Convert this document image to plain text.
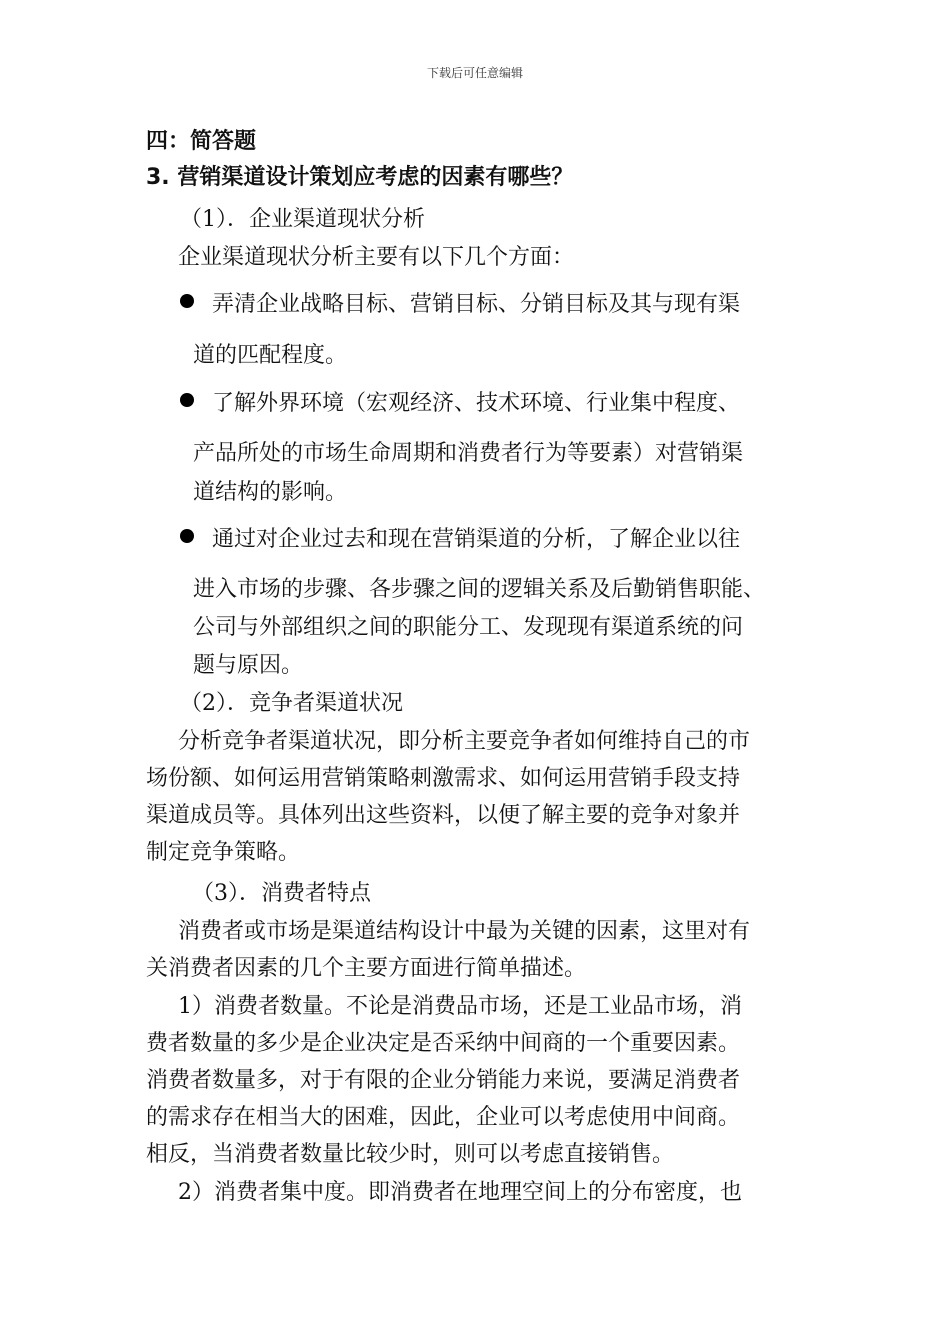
下载后可任意编辑
四：简答题
3. 营销渠道设计策划应考虑的因素有哪些？
（1）．企业渠道现状分析
企业渠道现状分析主要有以下几个方面：
弄清企业战略目标、营销目标、分销目标及其与现有渠
道的匹配程度。
了解外界环境（宏观经济、技术环境、行业集中程度、
产品所处的市场生命周期和消费者行为等要素）对营销渠
道结构的影响。
通过对企业过去和现在营销渠道的分析，了解企业以往
进入市场的步骤、各步骤之间的逻辑关系及后勤销售职能、
公司与外部组织之间的职能分工、发现现有渠道系统的问
题与原因。
（2）．竞争者渠道状况
分析竞争者渠道状况，即分析主要竞争者如何维持自己的市
场份额、如何运用营销策略刺激需求、如何运用营销手段支持
渠道成员等。具体列出这些资料，以便了解主要的竞争对象并
制定竞争策略。
（3）．消费者特点
消费者或市场是渠道结构设计中最为关键的因素，这里对有
关消费者因素的几个主要方面进行简单描述。
1）消费者数量。不论是消费品市场，还是工业品市场，消
费者数量的多少是企业决定是否采纳中间商的一个重要因素。
消费者数量多，对于有限的企业分销能力来说，要满足消费者
的需求存在相当大的困难，因此，企业可以考虑使用中间商。
相反，当消费者数量比较少时，则可以考虑直接销售。
2）消费者集中度。即消费者在地理空间上的分布密度，也
